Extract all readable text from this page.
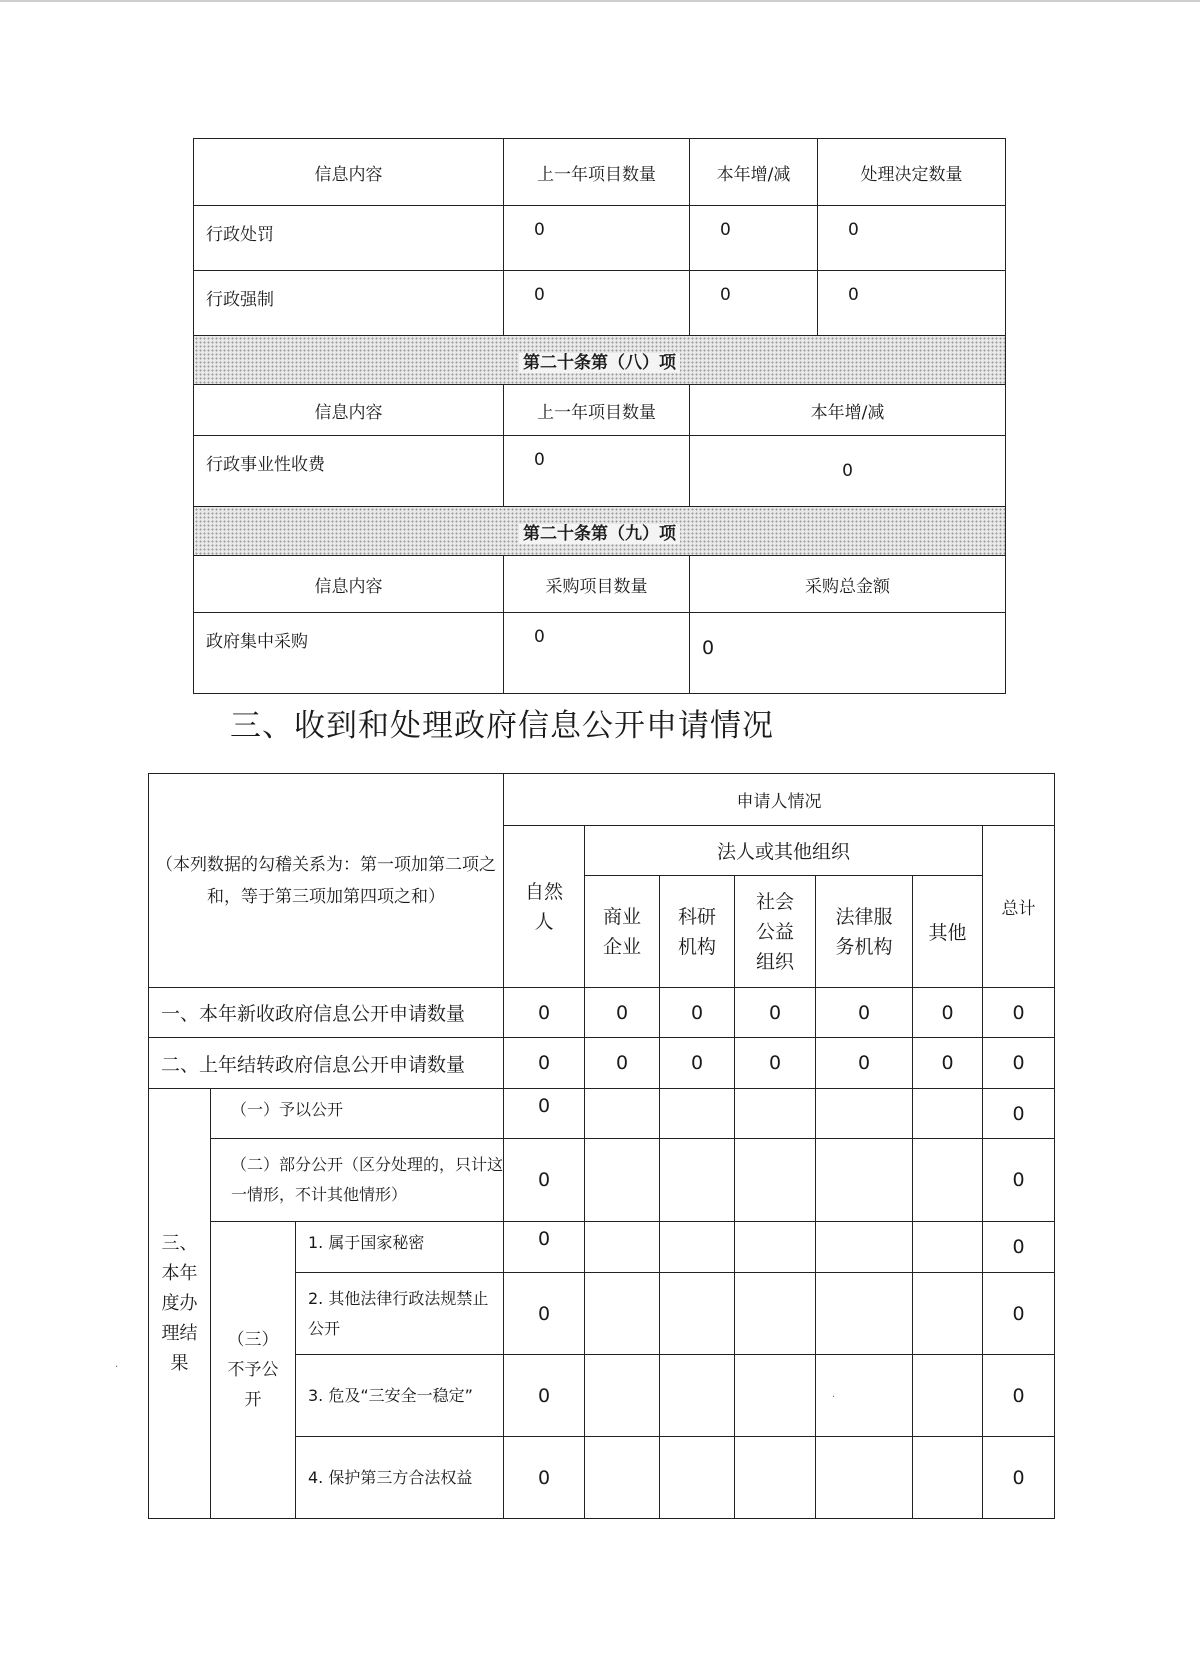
信息内容	上一年项目数量	本年增/减	处理决定数量
行政处罚	0	0	0
行政强制	0	0	0
第二十条第（八）项			
信息内容	上一年项目数量	本年增/减	
行政事业性收费	0	0	
第二十条第（九）项			
信息内容	采购项目数量	采购总金额	
政府集中采购	0	0	
三、收到和处理政府信息公开申请情况
（本列数据的勾稽关系为：第一项加第二项之和，等于第三项加第四项之和）			申请人情况						
			自然人	法人或其他组织					总计
				商业企业	科研机构	社会公益组织	法律服务机构	其他	
一、本年新收政府信息公开申请数量			0	0	0	0	0	0	0
二、上年结转政府信息公开申请数量			0	0	0	0	0	0	0
三、本年度办理结果	（一）予以公开		0						0
	（二）部分公开（区分处理的，只计这一情形，不计其他情形）		0						0
	（三）不予公开	1. 属于国家秘密	0						0
		2. 其他法律行政法规禁止公开	0						0
		3. 危及“三安全一稳定”	0						0
		4. 保护第三方合法权益	0						0
·
·
